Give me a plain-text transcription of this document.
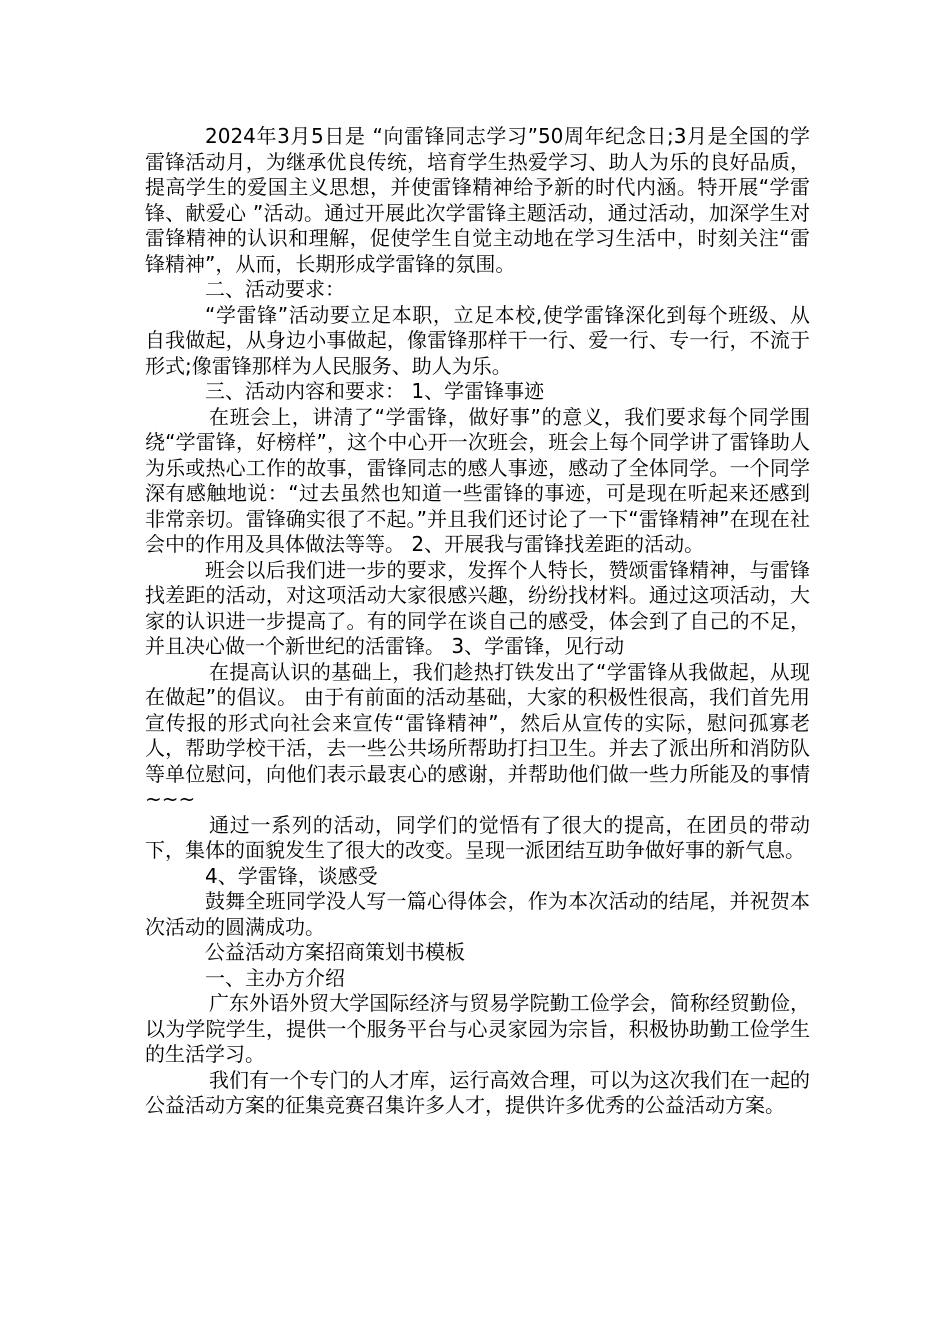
2024年3月5日是 “向雷锋同志学习”50周年纪念日;3月是全国的学雷锋活动月，为继承优良传统，培育学生热爱学习、助人为乐的良好品质，提高学生的爱国主义思想，并使雷锋精神给予新的时代内涵。特开展“学雷锋、献爱心 ”活动。通过开展此次学雷锋主题活动，通过活动，加深学生对雷锋精神的认识和理解，促使学生自觉主动地在学习生活中，时刻关注“雷锋精神”，从而，长期形成学雷锋的氛围。

二、活动要求：

“学雷锋”活动要立足本职，立足本校,使学雷锋深化到每个班级、从自我做起，从身边小事做起，像雷锋那样干一行、爱一行、专一行，不流于形式;像雷锋那样为人民服务、助人为乐。

三、活动内容和要求： 1、学雷锋事迹

在班会上，讲清了“学雷锋，做好事”的意义，我们要求每个同学围绕“学雷锋，好榜样”，这个中心开一次班会，班会上每个同学讲了雷锋助人为乐或热心工作的故事，雷锋同志的感人事迹，感动了全体同学。一个同学深有感触地说：“过去虽然也知道一些雷锋的事迹，可是现在听起来还感到非常亲切。雷锋确实很了不起。”并且我们还讨论了一下“雷锋精神”在现在社会中的作用及具体做法等等。 2、开展我与雷锋找差距的活动。

班会以后我们进一步的要求，发挥个人特长，赞颂雷锋精神，与雷锋找差距的活动，对这项活动大家很感兴趣，纷纷找材料。通过这项活动，大家的认识进一步提高了。有的同学在谈自己的感受，体会到了自己的不足，并且决心做一个新世纪的活雷锋。 3、学雷锋，见行动

在提高认识的基础上，我们趁热打铁发出了“学雷锋从我做起，从现在做起”的倡议。 由于有前面的活动基础，大家的积极性很高，我们首先用宣传报的形式向社会来宣传“雷锋精神”，然后从宣传的实际，慰问孤寡老人，帮助学校干活，去一些公共场所帮助打扫卫生。并去了派出所和消防队等单位慰问，向他们表示最衷心的感谢，并帮助他们做一些力所能及的事情~~~

通过一系列的活动，同学们的觉悟有了很大的提高，在团员的带动下，集体的面貌发生了很大的改变。呈现一派团结互助争做好事的新气息。

4、学雷锋，谈感受

鼓舞全班同学没人写一篇心得体会，作为本次活动的结尾，并祝贺本次活动的圆满成功。

公益活动方案招商策划书模板

一、主办方介绍

广东外语外贸大学国际经济与贸易学院勤工俭学会，简称经贸勤俭，以为学院学生，提供一个服务平台与心灵家园为宗旨，积极协助勤工俭学生的生活学习。

我们有一个专门的人才库，运行高效合理，可以为这次我们在一起的公益活动方案的征集竞赛召集许多人才，提供许多优秀的公益活动方案。
